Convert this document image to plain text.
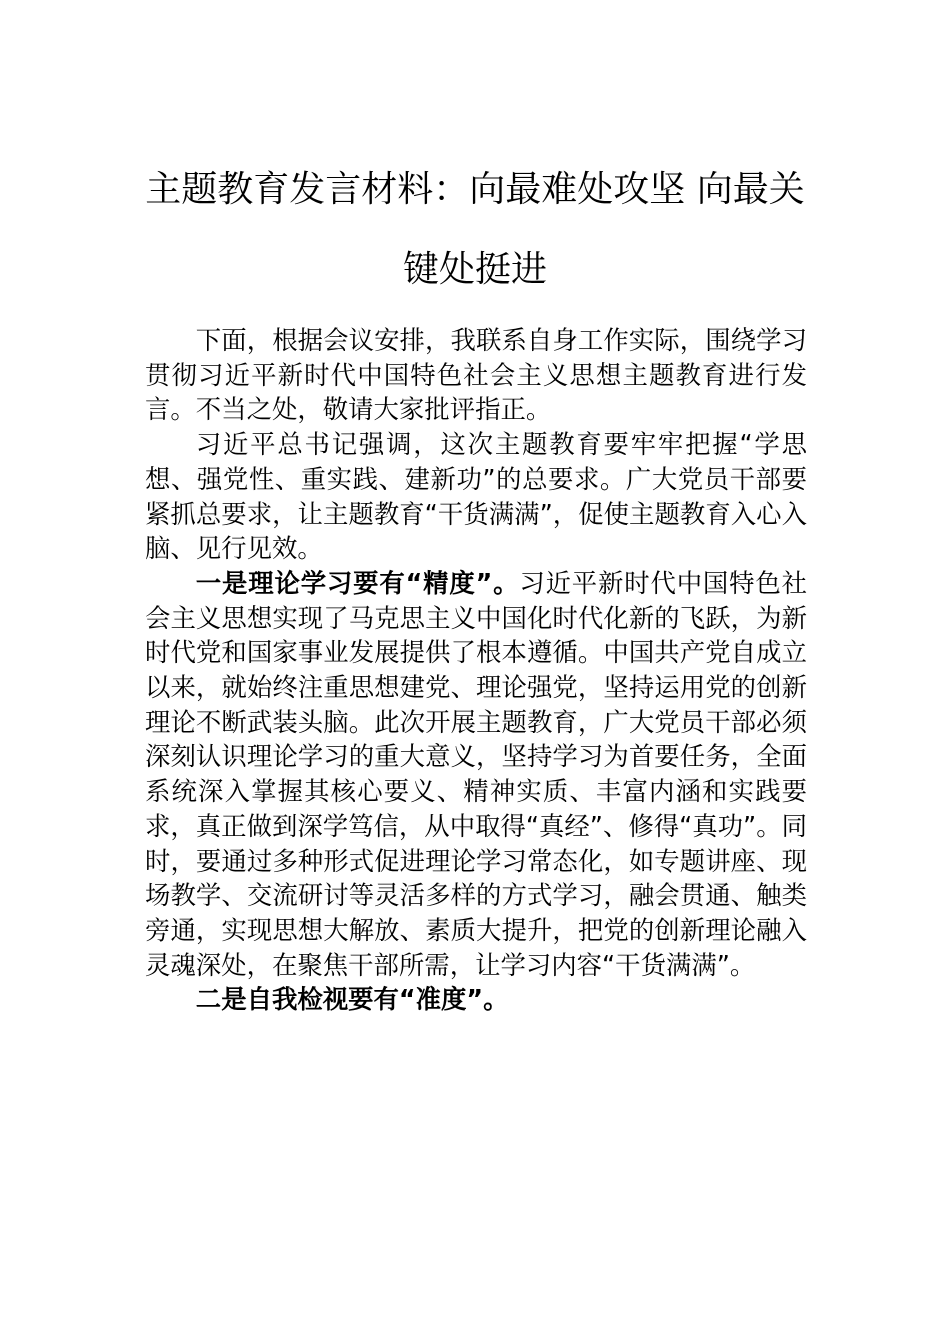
主题教育发言材料：向最难处攻坚 向最关键处挺进

下面，根据会议安排，我联系自身工作实际，围绕学习贯彻习近平新时代中国特色社会主义思想主题教育进行发言。不当之处，敬请大家批评指正。

习近平总书记强调，这次主题教育要牢牢把握“学思想、强党性、重实践、建新功”的总要求。广大党员干部要紧抓总要求，让主题教育“干货满满”，促使主题教育入心入脑、见行见效。

一是理论学习要有“精度”。习近平新时代中国特色社会主义思想实现了马克思主义中国化时代化新的飞跃，为新时代党和国家事业发展提供了根本遵循。中国共产党自成立以来，就始终注重思想建党、理论强党，坚持运用党的创新理论不断武装头脑。此次开展主题教育，广大党员干部必须深刻认识理论学习的重大意义，坚持学习为首要任务，全面系统深入掌握其核心要义、精神实质、丰富内涵和实践要求，真正做到深学笃信，从中取得“真经”、修得“真功”。同时，要通过多种形式促进理论学习常态化，如专题讲座、现场教学、交流研讨等灵活多样的方式学习，融会贯通、触类旁通，实现思想大解放、素质大提升，把党的创新理论融入灵魂深处，在聚焦干部所需，让学习内容“干货满满”。

二是自我检视要有“准度”。
